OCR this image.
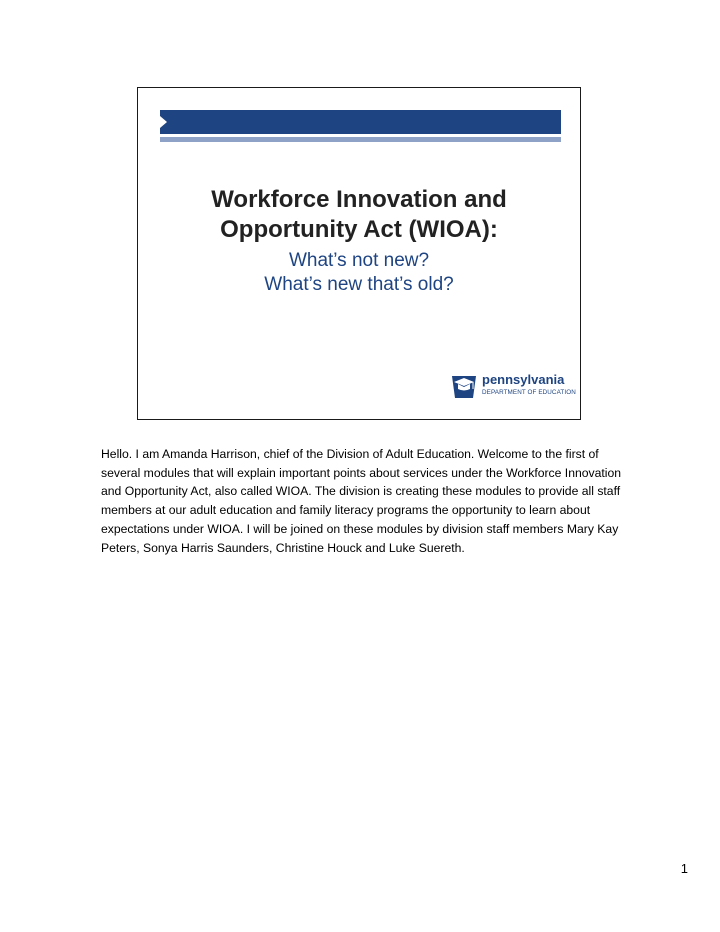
Workforce Innovation and
Opportunity Act (WIOA):
What’s not new?
What’s new that’s old?
pennsylvania
DEPARTMENT OF EDUCATION
Hello. I am Amanda Harrison, chief of the Division of Adult Education. Welcome to the first of several modules that will explain important points about services under the Workforce Innovation and Opportunity Act, also called WIOA. The division is creating these modules to provide all staff members at our adult education and family literacy programs the opportunity to learn about expectations under WIOA. I will be joined on these modules by division staff members Mary Kay Peters, Sonya Harris Saunders, Christine Houck and Luke Suereth.
1
